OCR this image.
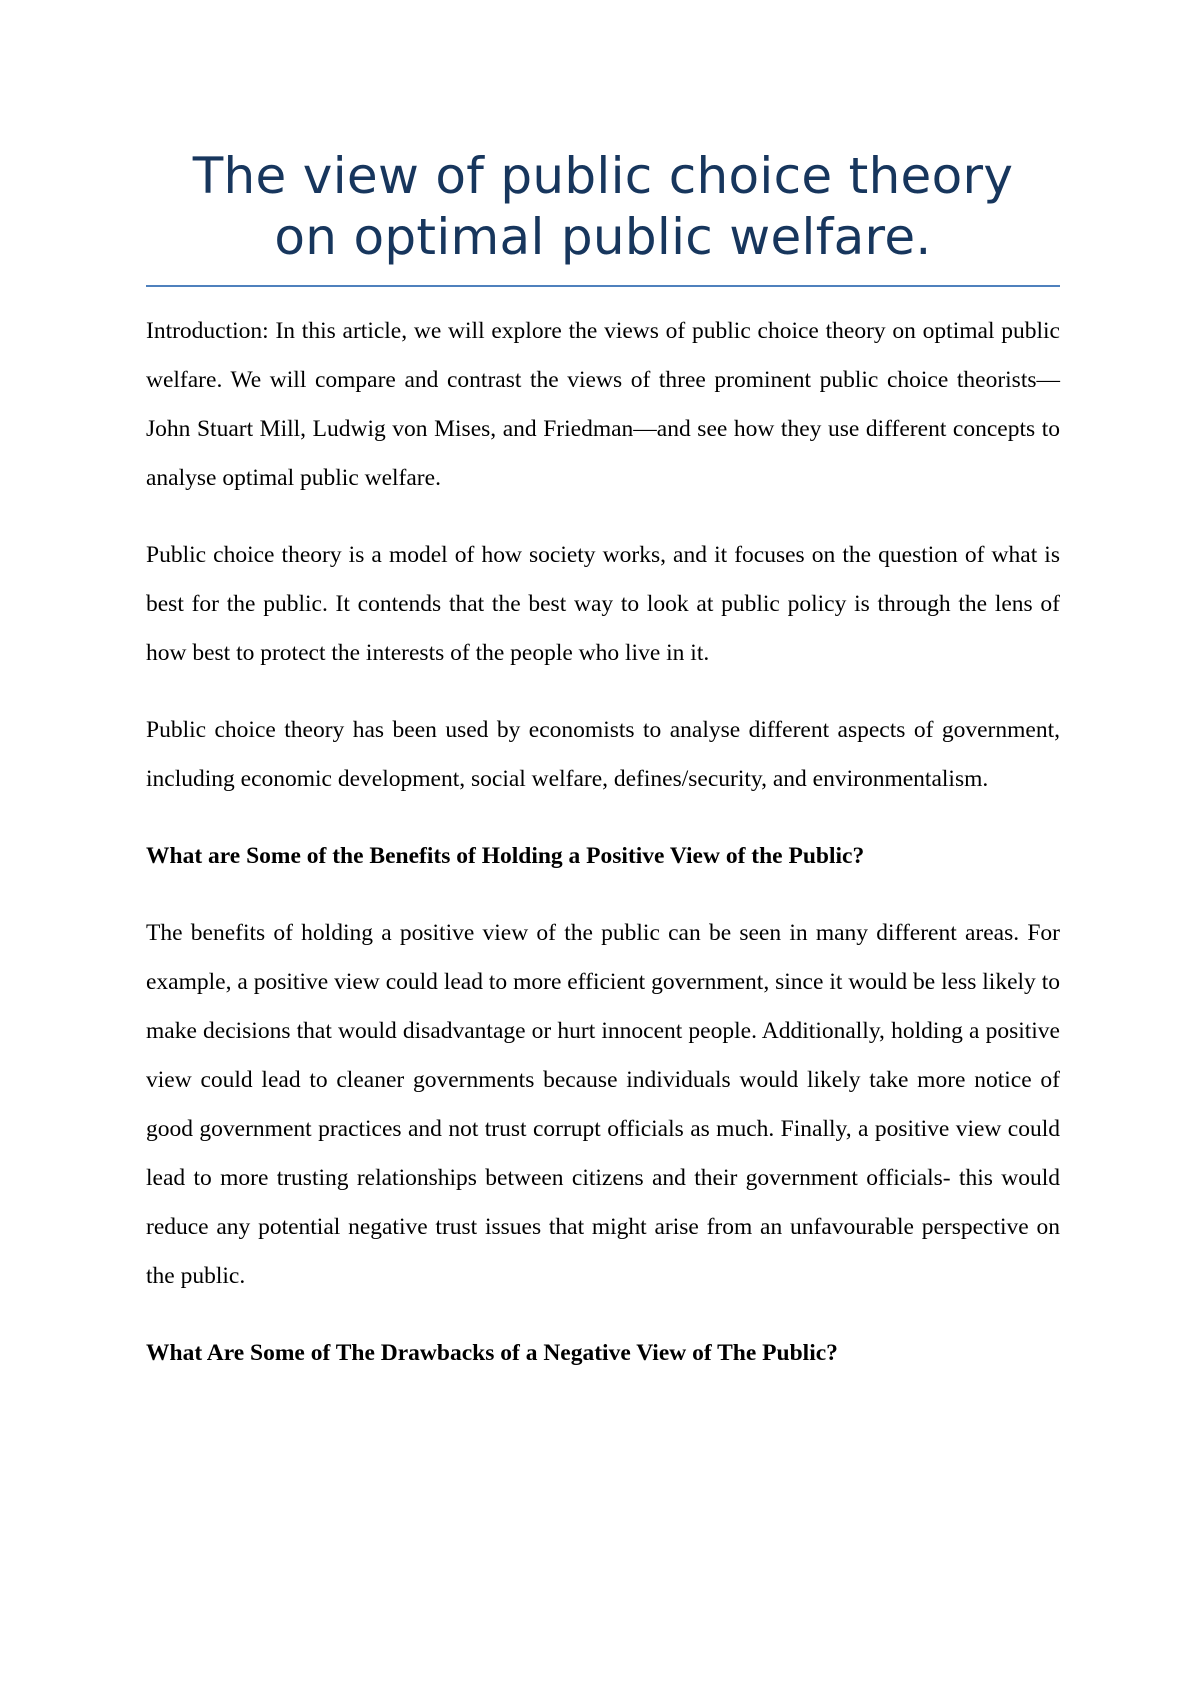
The view of public choice theory
on optimal public welfare.

Introduction: In this article, we will explore the views of public choice theory on optimal public welfare. We will compare and contrast the views of three prominent public choice theorists—John Stuart Mill, Ludwig von Mises, and Friedman—and see how they use different concepts to analyse optimal public welfare.

Public choice theory is a model of how society works, and it focuses on the question of what is best for the public. It contends that the best way to look at public policy is through the lens of how best to protect the interests of the people who live in it.

Public choice theory has been used by economists to analyse different aspects of government, including economic development, social welfare, defines/security, and environmentalism.

What are Some of the Benefits of Holding a Positive View of the Public?

The benefits of holding a positive view of the public can be seen in many different areas. For example, a positive view could lead to more efficient government, since it would be less likely to make decisions that would disadvantage or hurt innocent people. Additionally, holding a positive view could lead to cleaner governments because individuals would likely take more notice of good government practices and not trust corrupt officials as much. Finally, a positive view could lead to more trusting relationships between citizens and their government officials- this would reduce any potential negative trust issues that might arise from an unfavourable perspective on the public.

What Are Some of The Drawbacks of a Negative View of The Public?
